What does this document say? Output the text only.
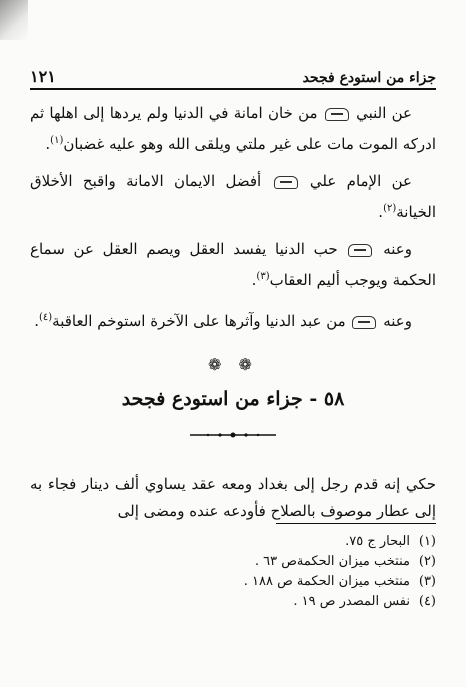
جزاء من استودع فجحد
١٢١

عن النبي  من خان امانة في الدنيا ولم يردها إلى اهلها ثم ادركه الموت مات على غير ملتي ويلقى الله وهو عليه غضبان$^{(١)}$.

عن الإمام علي  أفضل الايمان الامانة واقبح الأخلاق الخيانة$^{(٢)}$.

وعنه  حب الدنيا يفسد العقل ويصم العقل عن سماع الحكمة ويوجب أليم العقاب$^{(٣)}$.

وعنه  من عبد الدنيا وآثرها على الآخرة استوخم العاقبة$^{(٤)}$.

❁ ❁
٥٨ - جزاء من استودع فجحد

حكي إنه قدم رجل إلى بغداد ومعه عقد يساوي ألف دينار فجاء به إلى عطار موصوف بالصلاح فأودعه عنده ومضى إلى

(١)
البحار ج ٧٥.
(٢)
منتخب ميزان الحكمةص ٦٣ .
(٣)
منتخب ميزان الحكمة ص ١٨٨ .
(٤)
نفس المصدر ص ١٩ .
